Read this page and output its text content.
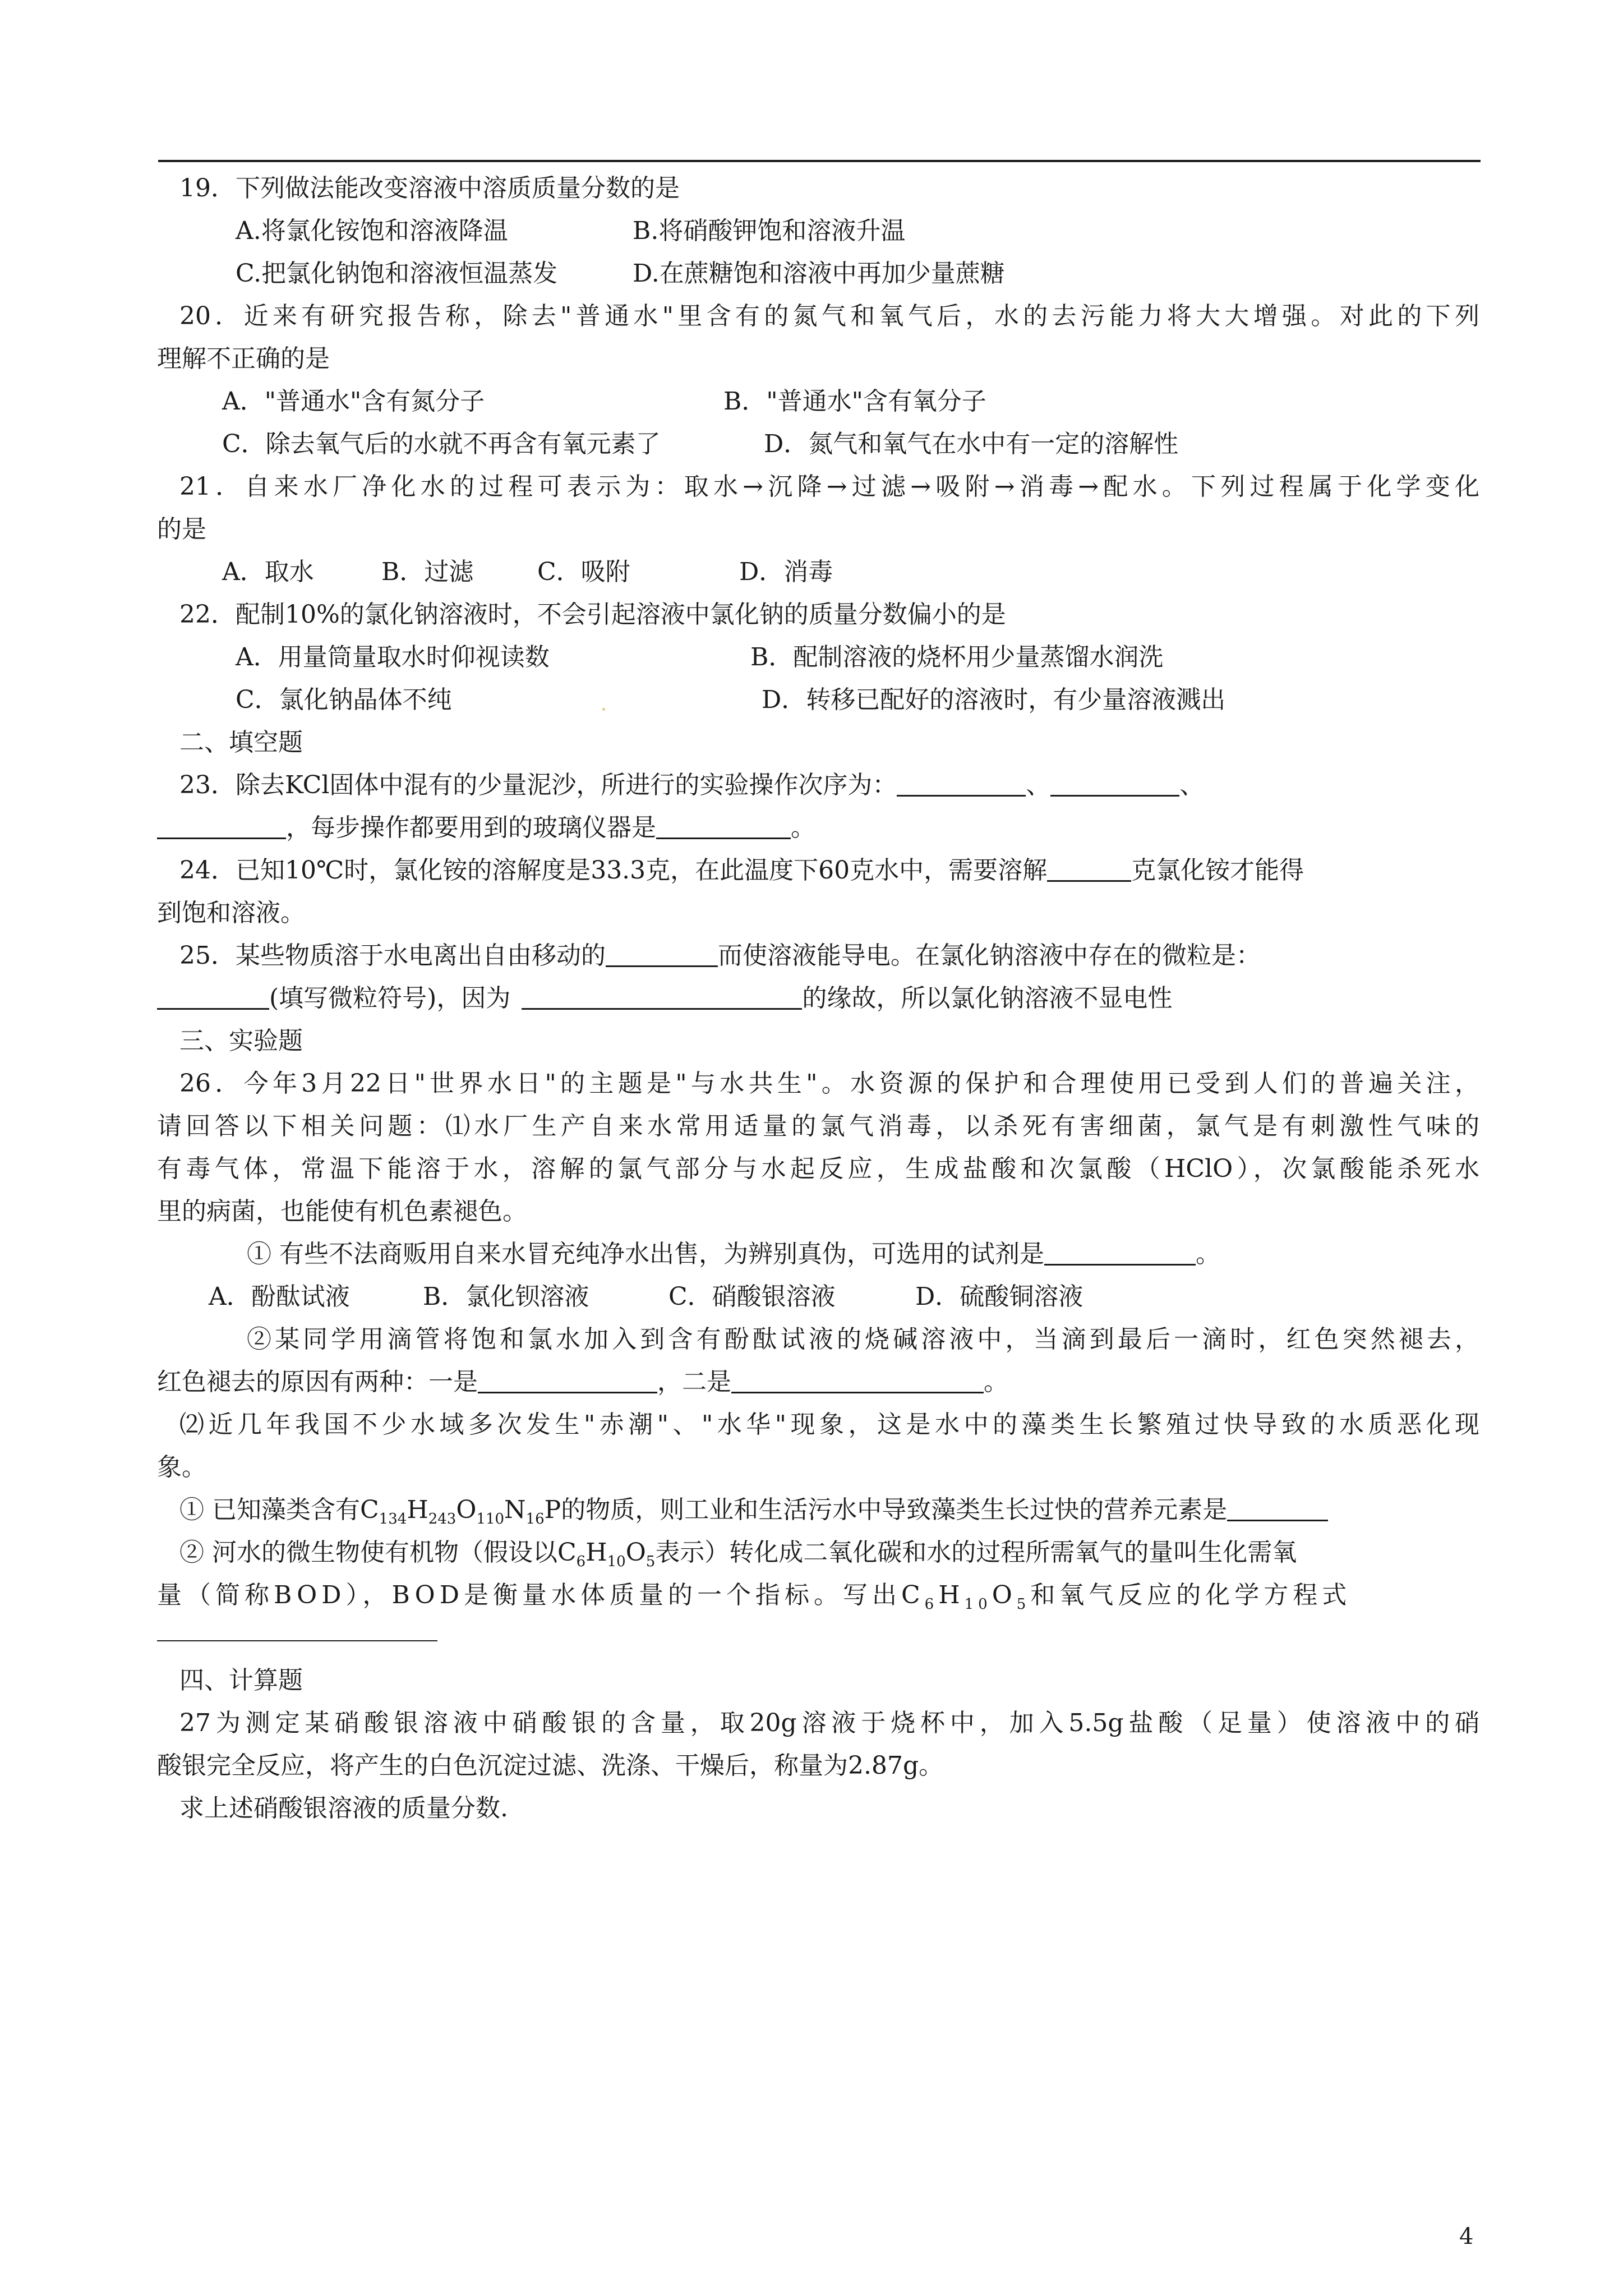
19．下列做法能改变溶液中溶质质量分数的是
A.将氯化铵饱和溶液降温	B.将硝酸钾饱和溶液升温
C.把氯化钠饱和溶液恒温蒸发	D.在蔗糖饱和溶液中再加少量蔗糖
20．近来有研究报告称，除去"普通水"里含有的氮气和氧气后，水的去污能力将大大增强。对此的下列
理解不正确的是
A．"普通水"含有氮分子	B．"普通水"含有氧分子
C．除去氧气后的水就不再含有氧元素了	D．氮气和氧气在水中有一定的溶解性
21．自来水厂净化水的过程可表示为：取水→沉降→过滤→吸附→消毒→配水。下列过程属于化学变化
的是
A．取水	B．过滤	C．吸附	D．消毒
22．配制10%的氯化钠溶液时，不会引起溶液中氯化钠的质量分数偏小的是
A．用量筒量取水时仰视读数	B．配制溶液的烧杯用少量蒸馏水润洗
C．氯化钠晶体不纯	D．转移已配好的溶液时，有少量溶液溅出
二、填空题
23．除去KCl固体中混有的少量泥沙，所进行的实验操作次序为：	、	、
，每步操作都要用到的玻璃仪器是	。
24．已知10℃时，氯化铵的溶解度是33.3克，在此温度下60克水中，需要溶解	克氯化铵才能得
到饱和溶液。
25．某些物质溶于水电离出自由移动的	而使溶液能导电。在氯化钠溶液中存在的微粒是：
(填写微粒符号)，因为	的缘故，所以氯化钠溶液不显电性
三、实验题
26．今年3月22日"世界水日"的主题是"与水共生"。水资源的保护和合理使用已受到人们的普遍关注，
请回答以下相关问题：⑴水厂生产自来水常用适量的氯气消毒，以杀死有害细菌，氯气是有刺激性气味的
有毒气体，常温下能溶于水，溶解的氯气部分与水起反应，生成盐酸和次氯酸（HClO），次氯酸能杀死水
里的病菌，也能使有机色素褪色。
① 有些不法商贩用自来水冒充纯净水出售，为辨别真伪，可选用的试剂是	。
A．酚酞试液	B．氯化钡溶液	C．硝酸银溶液	D．硫酸铜溶液
②某同学用滴管将饱和氯水加入到含有酚酞试液的烧碱溶液中，当滴到最后一滴时，红色突然褪去，
红色褪去的原因有两种：一是	，二是	。
⑵近几年我国不少水域多次发生"赤潮"、"水华"现象，这是水中的藻类生长繁殖过快导致的水质恶化现
象。
① 已知藻类含有$C_{134}H_{243}O_{110}N_{16}P$的物质，则工业和生活污水中导致藻类生长过快的营养元素是
② 河水的微生物使有机物（假设以$C_6H_{10}O_5$表示）转化成二氧化碳和水的过程所需氧气的量叫生化需氧
量（简称BOD），BOD是衡量水体质量的一个指标。写出$C_6H_{10}O_5$和氧气反应的化学方程式
四、计算题
27为测定某硝酸银溶液中硝酸银的含量，取20g溶液于烧杯中，加入5.5g盐酸（足量）使溶液中的硝
酸银完全反应，将产生的白色沉淀过滤、洗涤、干燥后，称量为2.87g。
求上述硝酸银溶液的质量分数.
4
